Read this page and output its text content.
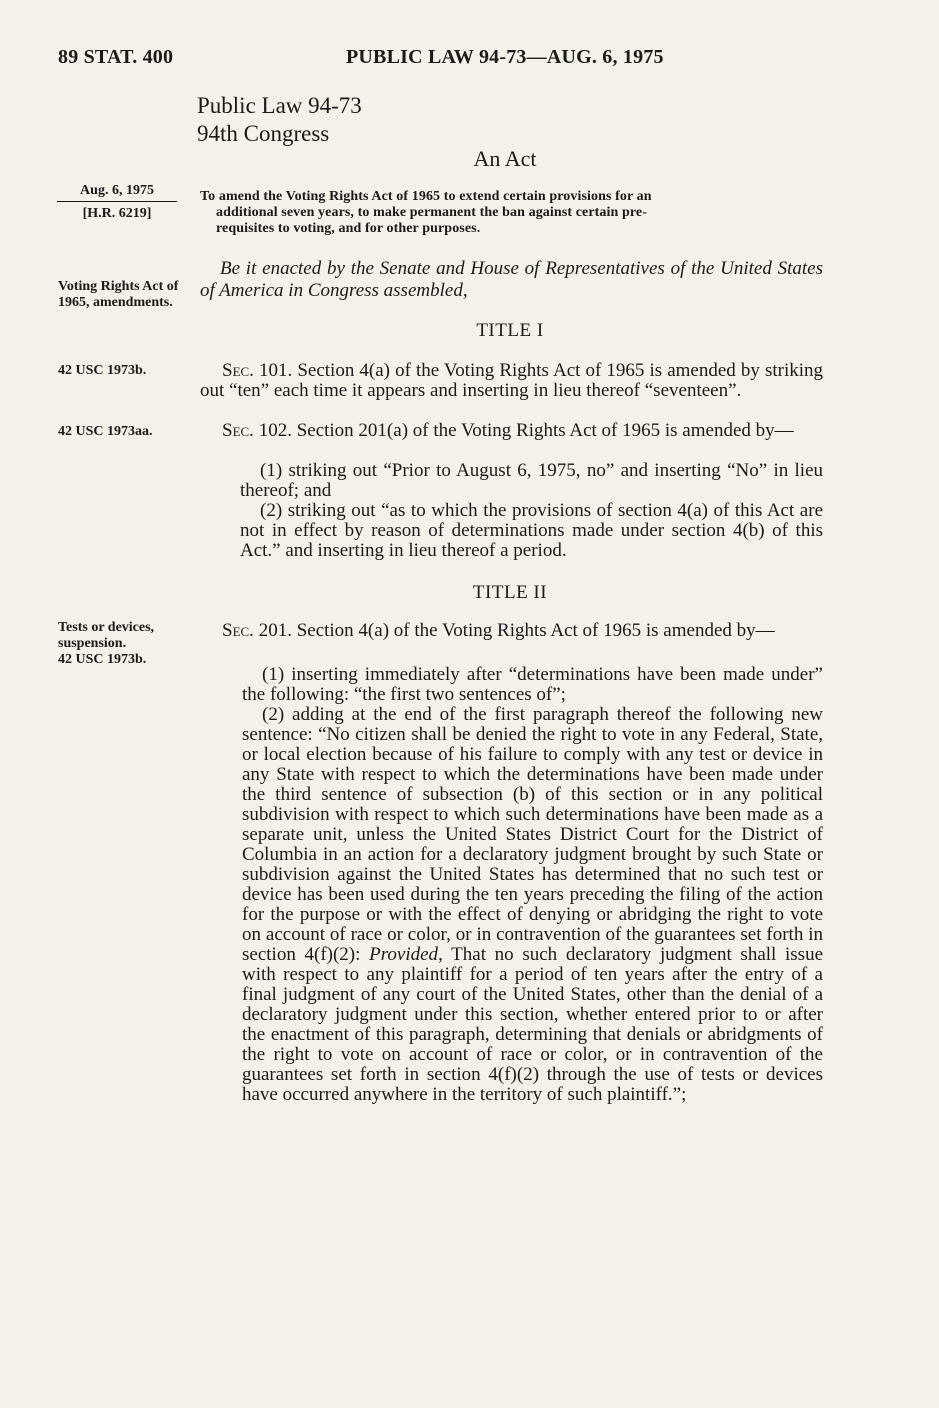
89 STAT. 400	PUBLIC LAW 94-73—AUG. 6, 1975
Public Law 94-73
94th Congress
An Act
Aug. 6, 1975
[H.R. 6219]
To amend the Voting Rights Act of 1965 to extend certain provisions for an
additional seven years, to make permanent the ban against certain pre-
requisites to voting, and for other purposes.
Voting Rights Act of 1965, amendments.
Be it enacted by the Senate and House of Representatives of the United States of America in Congress assembled,
TITLE I
42 USC 1973b.	Sec. 101. Section 4(a) of the Voting Rights Act of 1965 is amended by striking out “ten” each time it appears and inserting in lieu thereof “seventeen”.
42 USC 1973aa.	Sec. 102. Section 201(a) of the Voting Rights Act of 1965 is amended by—
(1) striking out “Prior to August 6, 1975, no” and inserting “No” in lieu thereof; and
(2) striking out “as to which the provisions of section 4(a) of this Act are not in effect by reason of determinations made under section 4(b) of this Act.” and inserting in lieu thereof a period.
TITLE II
Tests or devices, suspension.
42 USC 1973b.
Sec. 201. Section 4(a) of the Voting Rights Act of 1965 is amended by—
(1) inserting immediately after “determinations have been made under” the following: “the first two sentences of”;
(2) adding at the end of the first paragraph thereof the following new sentence: “No citizen shall be denied the right to vote in any Federal, State, or local election because of his failure to comply with any test or device in any State with respect to which the determinations have been made under the third sentence of subsection (b) of this section or in any political subdivision with respect to which such determinations have been made as a separate unit, unless the United States District Court for the District of Columbia in an action for a declaratory judgment brought by such State or subdivision against the United States has determined that no such test or device has been used during the ten years preceding the filing of the action for the purpose or with the effect of denying or abridging the right to vote on account of race or color, or in contravention of the guarantees set forth in section 4(f)(2): Provided, That no such declaratory judgment shall issue with respect to any plaintiff for a period of ten years after the entry of a final judgment of any court of the United States, other than the denial of a declaratory judgment under this section, whether entered prior to or after the enactment of this paragraph, determining that denials or abridgments of the right to vote on account of race or color, or in contravention of the guarantees set forth in section 4(f)(2) through the use of tests or devices have occurred anywhere in the territory of such plaintiff.”;
